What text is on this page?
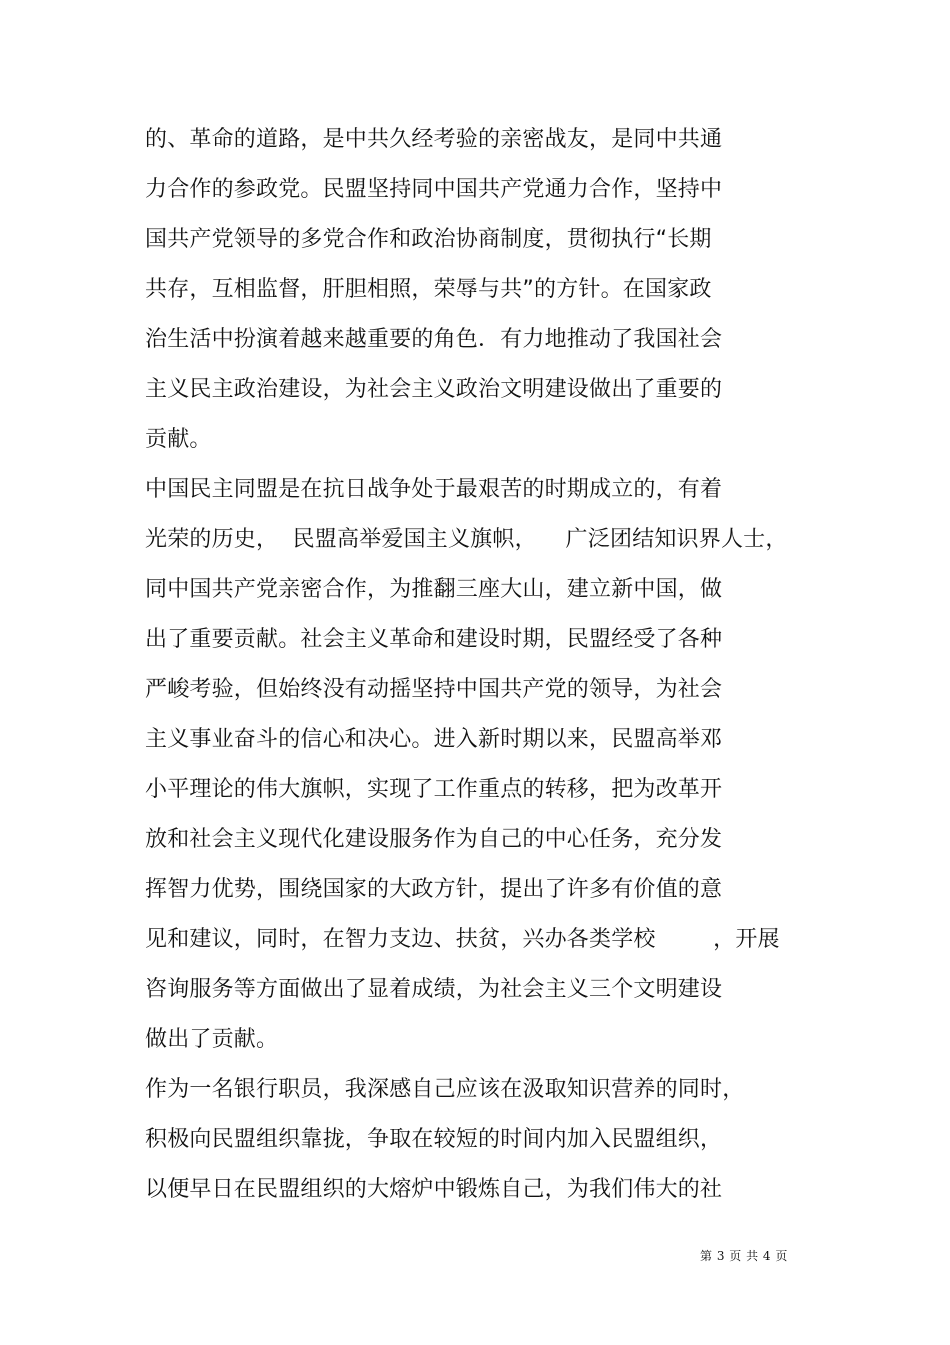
的、革命的道路，是中共久经考验的亲密战友，是同中共通
力合作的参政党。民盟坚持同中国共产党通力合作，坚持中
国共产党领导的多党合作和政治协商制度，贯彻执行“长期
共存，互相监督，肝胆相照，荣辱与共”的方针。在国家政
治生活中扮演着越来越重要的角色．有力地推动了我国社会
主义民主政治建设，为社会主义政治文明建设做出了重要的
贡献。
中国民主同盟是在抗日战争处于最艰苦的时期成立的，有着
光荣的历史，  民盟高举爱国主义旗帜，    广泛团结知识界人士，
同中国共产党亲密合作，为推翻三座大山，建立新中国，做
出了重要贡献。社会主义革命和建设时期，民盟经受了各种
严峻考验，但始终没有动摇坚持中国共产党的领导，为社会
主义事业奋斗的信心和决心。进入新时期以来，民盟高举邓
小平理论的伟大旗帜，实现了工作重点的转移，把为改革开
放和社会主义现代化建设服务作为自己的中心任务，充分发
挥智力优势，围绕国家的大政方针，提出了许多有价值的意
见和建议，同时，在智力支边、扶贫，兴办各类学校        ，开展
咨询服务等方面做出了显着成绩，为社会主义三个文明建设
做出了贡献。
作为一名银行职员，我深感自己应该在汲取知识营养的同时，
积极向民盟组织靠拢，争取在较短的时间内加入民盟组织，
以便早日在民盟组织的大熔炉中锻炼自己，为我们伟大的社
第 3 页 共 4 页
